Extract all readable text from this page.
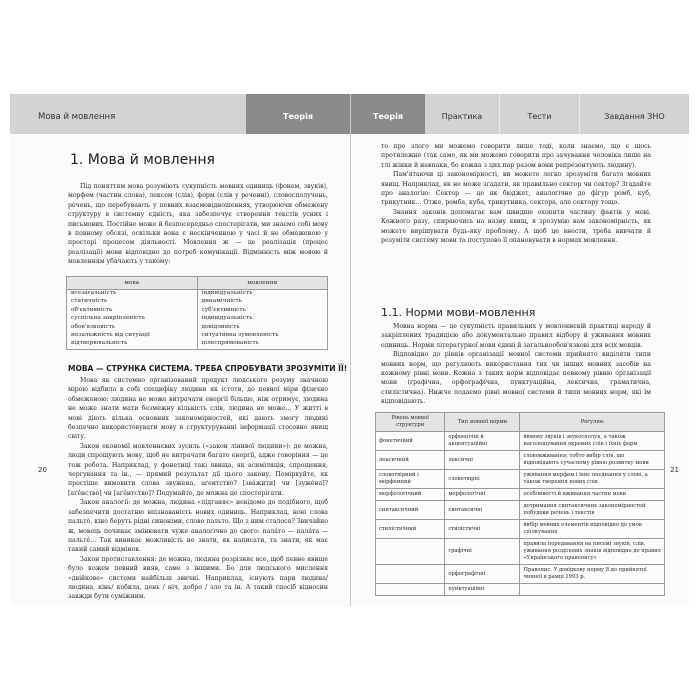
Мова й мовлення	Теорія
1. Мова й мовлення

Під поняттям мова розуміють сукупність мовних одиниць (фонем, звуків), морфем (частин слова), лексем (слів), форм (слів у реченні), словосполучень, речень, що перебувають у певних взаємовідношеннях, утворюючи обмежену структуру в системну єдність, яка забезпечує створення текстів усних і письмових. Постійне може й безпосередньо спостерігати, ми знаємо собі мову в повному обсязі, оскільки вона є нескінченною у часі й не обмеженою у просторі процесом діяльності. Мовлення ж — це реалізація (процес реалізації) мови відповідно до потреб комунікації. Відмінність між мовою й мовленням убачають у такому:

мова	мовлення
всезагальність	індивідуальність
статичність	динамічність
об'єктивність	суб'єктивність
суспільна закріпленість	індивідуальність
обов'язковість	довідливість
незалежність від ситуації	ситуативна зумовленість
відтворювальність	цілеспрямованість
МОВА — СТРУНКА СИСТЕМА. ТРЕБА СПРОБУВАТИ ЗРОЗУМІТИ ЇЇ!

Мова як системно організований продукт людського розуму значною мірою відбила в собі специфіку людини як істоти, до певної міри фізично обмеженою: людина не може витрачати енергії більше, ніж отримує, людина не може знати мати безмежну кількість слів, людина не може... У житті в мові діють кілька основних закономірностей, які дають змогу людині безпечно використовувати мову в структуруванні інформації стосовно явищ світу.

Закон економії мовленнєвих зусиль («закон лінивої людини»): де можна, люди спрощують мову, щоб не витрачати багато енергії, адже говоріння — це теж робота. Наприклад, у фонетиці такі явища, як асиміляція, спрощення, чергування та ін., — прямий результат дії цього закону. Поміркуйте, як простіше вимовити слова звужена, аґентство? [зва́жити] чи [зуже́на]? [аґе́нство] чи [аґе́нтство]? Подумайте, де можна це спостерігати.

Закон аналогії: де можна, людина «підганяє» невідоме до подібного, щоб забезпечити достатню впізнаваність нових одиниць. Наприклад, нові слова пальтò, кіно беруть рідні синоніми, слово пальто. Що з ним сталося? Звичайно ж, мовець починає змінювати чуже аналогічно до свого: пала́то — пала́та — пальте́... Так виникає можливість не знати, як написати, та знати, як має такий самий відмінок.

Закон протиставлення: де можна, людина розрізняє все, щоб певне явище було кожен певний вияв, саме з іншими. Бо для людського мислення «двійкове» системи найбільш звичні. Наприклад, існують пари людина/людина, кінь/ кобила, день / ніч, добро / зло та ін. А такий спосіб відносин завжди бути суміжним.

20
Теорія	Практика	Тести	Завдання ЗНО

то про злого ми можемо говорити лише тоді, коли знаємо, що є щось протилежне (так само, як ми можемо говорити про зачування чоловіка лише на тлі жінки й навпаки, бо кожна з цих пар разом вони репрезентують людину).

Пам'ятаючи ці закономірності, ви можете легко зрозуміти багато мовних явищ. Наприклад, як не може згадати, як правильно сектор чи сектор? Згадайте про аналогію: Сектор — це як бюджет, аналогічне до фігур ромб, куб, трикутник... Отже, ромба, куба, трикутника, сектора, але сектору тощо.

Знання законів допомагає вам швидше охопити частину фактів у мові. Кожного разу, спираючись на назву явищ, я зрозумію вам закономірність, як можете вирішувати будь-яку проблему. А щоб це внести, треба вивчати й розуміти систему мови та поступово її опановувати в нормах мовлення.

1.1. Норми мови-мовлення

Мовна норма — це сукупність правильних у мовленнєвій практиці народу й закріплених традицією або документально правил відбору й уживання мовних одиниць. Норми літературної мови єдині й загальнообов'язкові для всіх мовців.

Відповідно до рівнів організації мовної системи прийнято виділяти типи мовних норм, що регулюють використання тих чи інших мовних засобів на кожному рівні мови. Кожна з таких норм відповідає певному рівню організації мови (графічна, орфографічна, пунктуаційна, лексична, граматична, стилістична). Нижче подаємо рівні мовної системи й типи мовних норм, які їм відповідають.

Рівень мовної структури	Тип мовної норми	Регулює
фонетичний	орфоепічні й акцентуаційні	вимову звуків і звукосполук, а також наголошування окремих слів і їхніх форм
лексичний	лексичні	слововживання, тобто вибір слів, що відповідають сучасному рівню розвитку мови
словотвірний і морфемний	словотвірні	уживання морфем і їхнє поєднання у слові, а також творення нових слів
морфологічний	морфологічні	особливості й вживання частин мови
синтаксичний	синтаксичні	дотримання синтаксичних закономірностей побудови речень і текстів
стилістичний	стилістичні	вибір мовних елементів відповідно до умов спілкування
	графічні	правила передавання на письмі звуків, слів, уживання розділових знаків відповідно до правил «Українського правопису»
	орфографічні	Правопис. У довідкову норму 8 до прийнятої чинної в рамці 1993 р.
	пунктуаційні	
21
